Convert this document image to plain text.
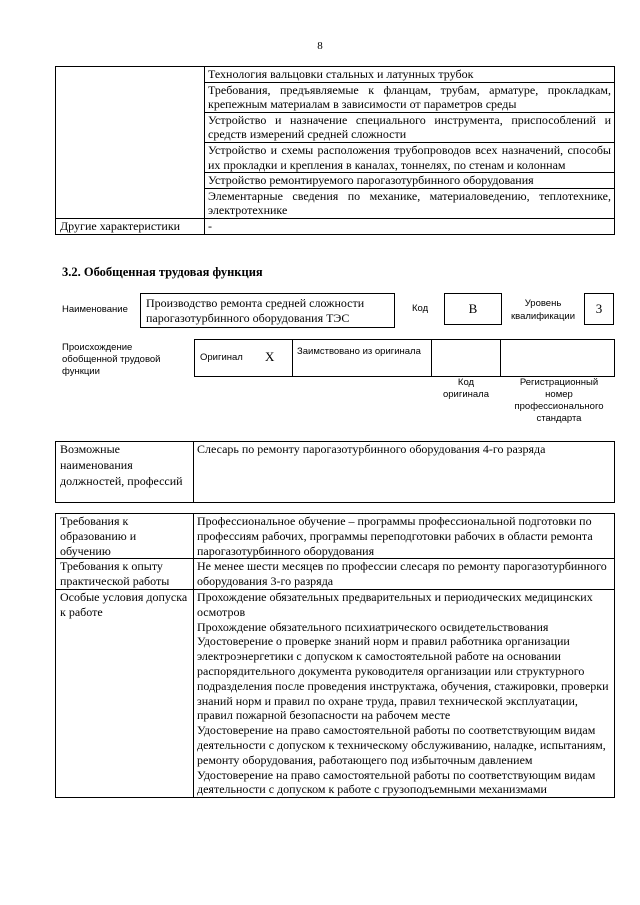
8
	Технология вальцовки стальных и латунных трубок
	Требования, предъявляемые к фланцам, трубам, арматуре, прокладкам, крепежным материалам в зависимости от параметров среды
	Устройство и назначение специального инструмента, приспособлений и средств измерений средней сложности
	Устройство и схемы расположения трубопроводов всех назначений, способы их прокладки и крепления в каналах, тоннелях, по стенам и колоннам
	Устройство ремонтируемого парогазотурбинного оборудования
	Элементарные сведения по механике, материаловедению, теплотехнике, электротехнике
Другие характеристики	-
3.2. Обобщенная трудовая функция
Наименование	Производство ремонта средней сложности парогазотурбинного оборудования ТЭС
Код	B	Уровень квалификации
3
Происхождение обобщенной трудовой функции
Оригинал X Заимствовано из оригинала
Код оригинала
Регистрационный номер профессионального стандарта
Возможные наименования должностей, профессий	Слесарь по ремонту парогазотурбинного оборудования 4-го разряда
Требования к образованию и обучению	Профессиональное обучение – программы профессиональной подготовки по профессиям рабочих, программы переподготовки рабочих в области ремонта парогазотурбинного оборудования
Требования к опыту практической работы	Не менее шести месяцев по профессии слесаря по ремонту парогазотурбинного оборудования 3-го разряда
Особые условия допуска к работе	Прохождение обязательных предварительных и периодических медицинских осмотров
Прохождение обязательного психиатрического освидетельствования
Удостоверение о проверке знаний норм и правил работника организации электроэнергетики с допуском к самостоятельной работе на основании распорядительного документа руководителя организации или структурного подразделения после проведения инструктажа, обучения, стажировки, проверки знаний норм и правил по охране труда, правил технической эксплуатации, правил пожарной безопасности на рабочем месте
Удостоверение на право самостоятельной работы по соответствующим видам деятельности с допуском к техническому обслуживанию, наладке, испытаниям, ремонту оборудования, работающего под избыточным давлением
Удостоверение на право самостоятельной работы по соответствующим видам деятельности с допуском к работе с грузоподъемными механизмами
